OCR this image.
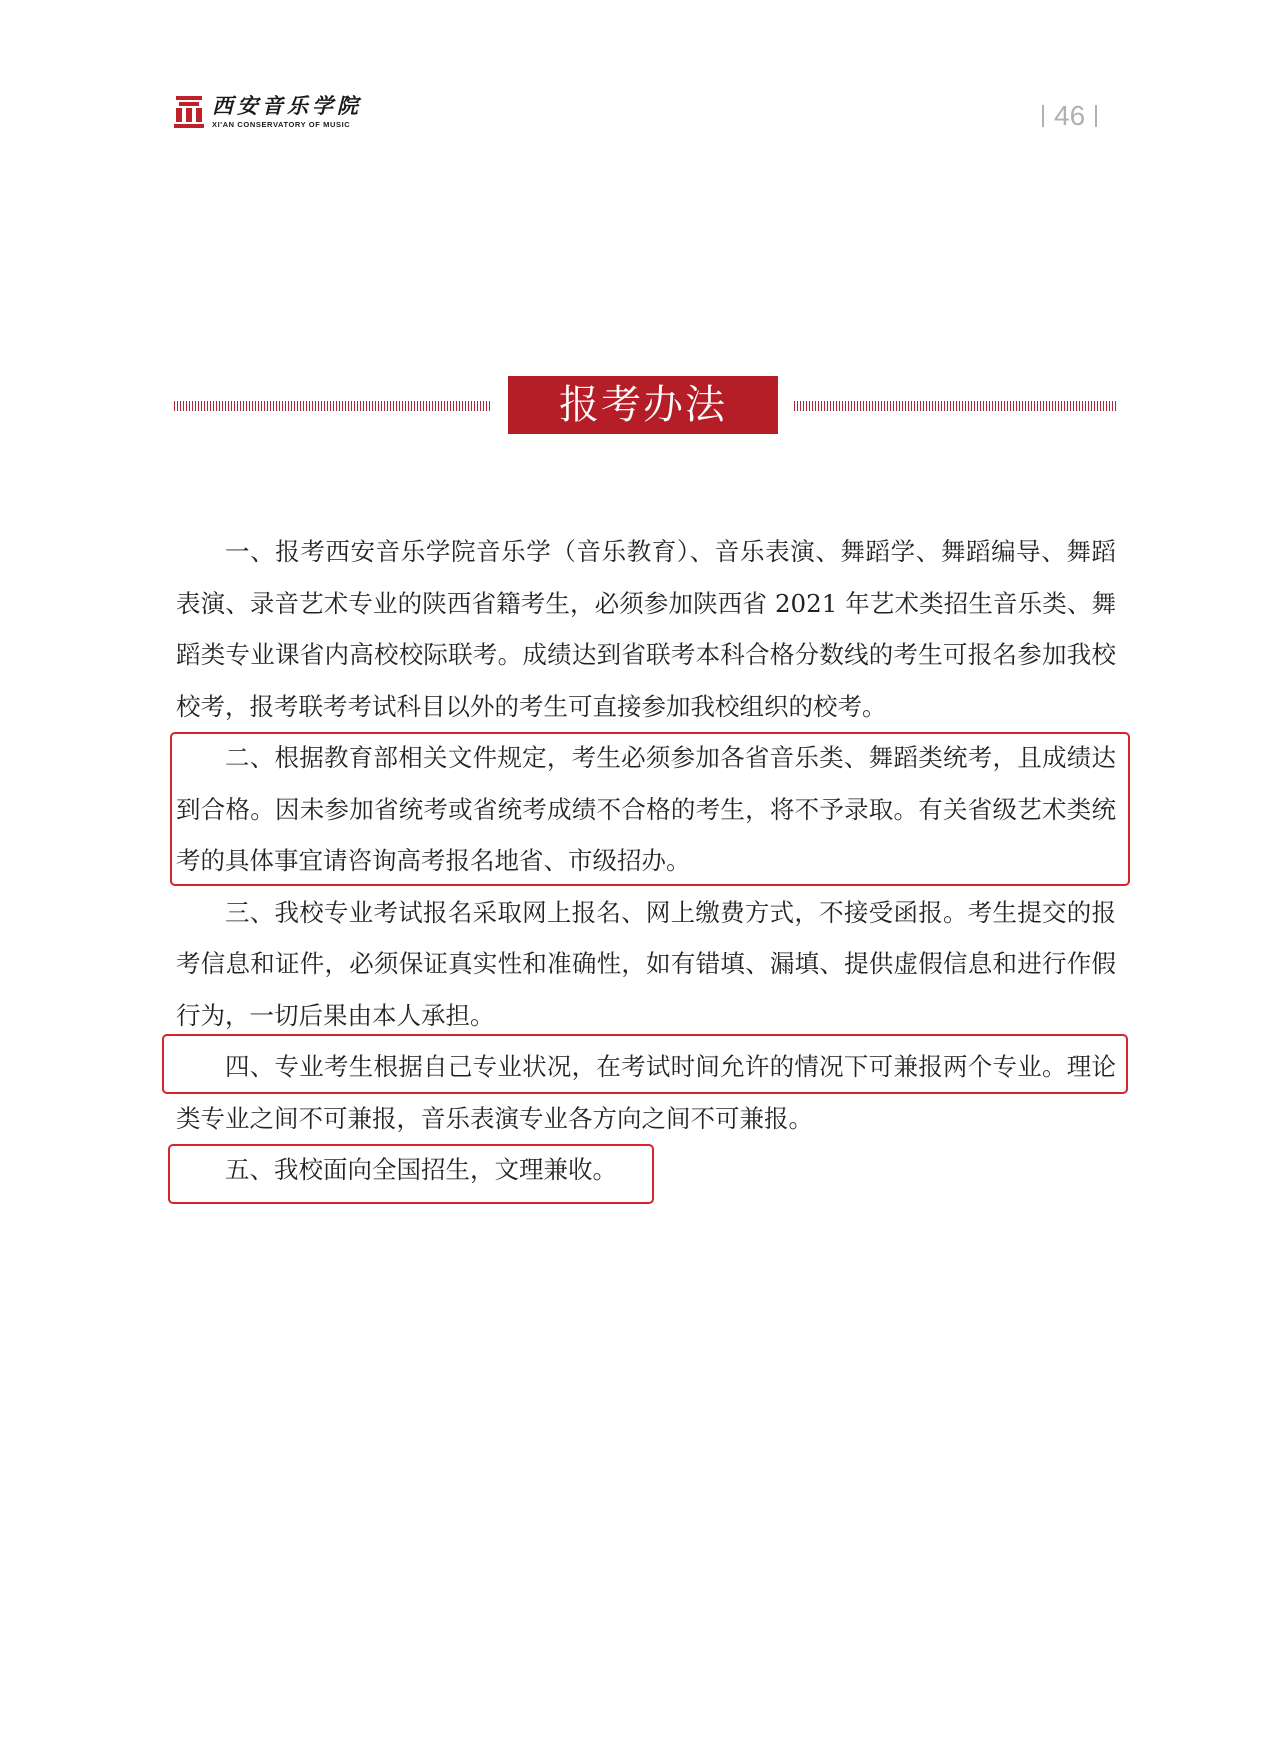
西安音乐学院
XI'AN CONSERVATORY OF MUSIC	46
报考办法

一、报考西安音乐学院音乐学（音乐教育）、音乐表演、舞蹈学、舞蹈编导、舞蹈表演、录音艺术专业的陕西省籍考生，必须参加陕西省 2021 年艺术类招生音乐类、舞蹈类专业课省内高校校际联考。成绩达到省联考本科合格分数线的考生可报名参加我校校考，报考联考考试科目以外的考生可直接参加我校组织的校考。

二、根据教育部相关文件规定，考生必须参加各省音乐类、舞蹈类统考，且成绩达到合格。因未参加省统考或省统考成绩不合格的考生，将不予录取。有关省级艺术类统考的具体事宜请咨询高考报名地省、市级招办。

三、我校专业考试报名采取网上报名、网上缴费方式，不接受函报。考生提交的报考信息和证件，必须保证真实性和准确性，如有错填、漏填、提供虚假信息和进行作假行为，一切后果由本人承担。

四、专业考生根据自己专业状况，在考试时间允许的情况下可兼报两个专业。理论类专业之间不可兼报，音乐表演专业各方向之间不可兼报。

五、我校面向全国招生，文理兼收。
